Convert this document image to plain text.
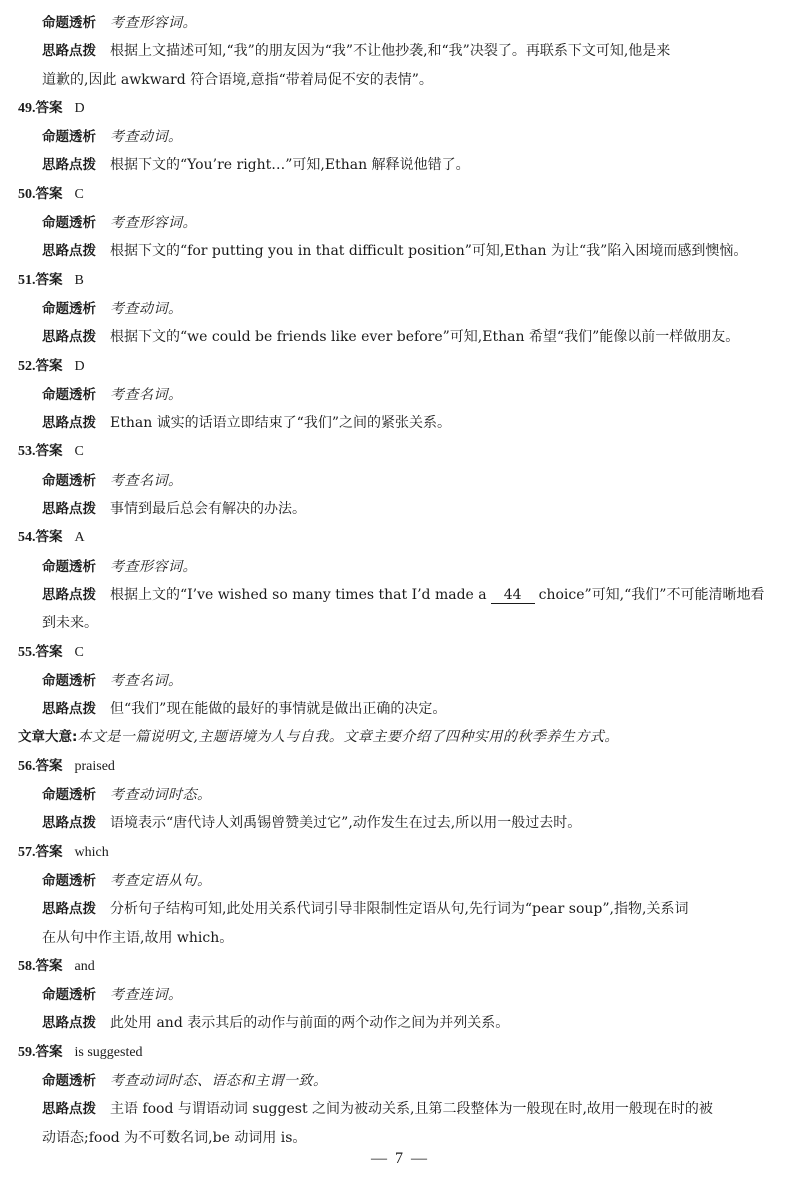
命题透析 考查形容词。
思路点拨 根据上文描述可知,“我”的朋友因为“我”不让他抄袭,和“我”决裂了。再联系下文可知,他是来
道歉的,因此 awkward 符合语境,意指“带着局促不安的表情”。
49.答案 D
命题透析 考查动词。
思路点拨 根据下文的“You’re right…”可知,Ethan 解释说他错了。
50.答案 C
命题透析 考查形容词。
思路点拨 根据下文的“for putting you in that difficult position”可知,Ethan 为让“我”陷入困境而感到懊恼。
51.答案 B
命题透析 考查动词。
思路点拨 根据下文的“we could be friends like ever before”可知,Ethan 希望“我们”能像以前一样做朋友。
52.答案 D
命题透析 考查名词。
思路点拨 Ethan 诚实的话语立即结束了“我们”之间的紧张关系。
53.答案 C
命题透析 考查名词。
思路点拨 事情到最后总会有解决的办法。
54.答案 A
命题透析 考查形容词。
思路点拨 根据上文的“I’ve wished so many times that I’d made a 44 choice”可知,“我们”不可能清晰地看
到未来。
55.答案 C
命题透析 考查名词。
思路点拨 但“我们”现在能做的最好的事情就是做出正确的决定。
文章大意:本文是一篇说明文,主题语境为人与自我。文章主要介绍了四种实用的秋季养生方式。
56.答案 praised
命题透析 考查动词时态。
思路点拨 语境表示“唐代诗人刘禹锡曾赞美过它”,动作发生在过去,所以用一般过去时。
57.答案 which
命题透析 考查定语从句。
思路点拨 分析句子结构可知,此处用关系代词引导非限制性定语从句,先行词为“pear soup”,指物,关系词
在从句中作主语,故用 which。
58.答案 and
命题透析 考查连词。
思路点拨 此处用 and 表示其后的动作与前面的两个动作之间为并列关系。
59.答案 is suggested
命题透析 考查动词时态、语态和主谓一致。
思路点拨 主语 food 与谓语动词 suggest 之间为被动关系,且第二段整体为一般现在时,故用一般现在时的被
动语态;food 为不可数名词,be 动词用 is。
— 7 —
